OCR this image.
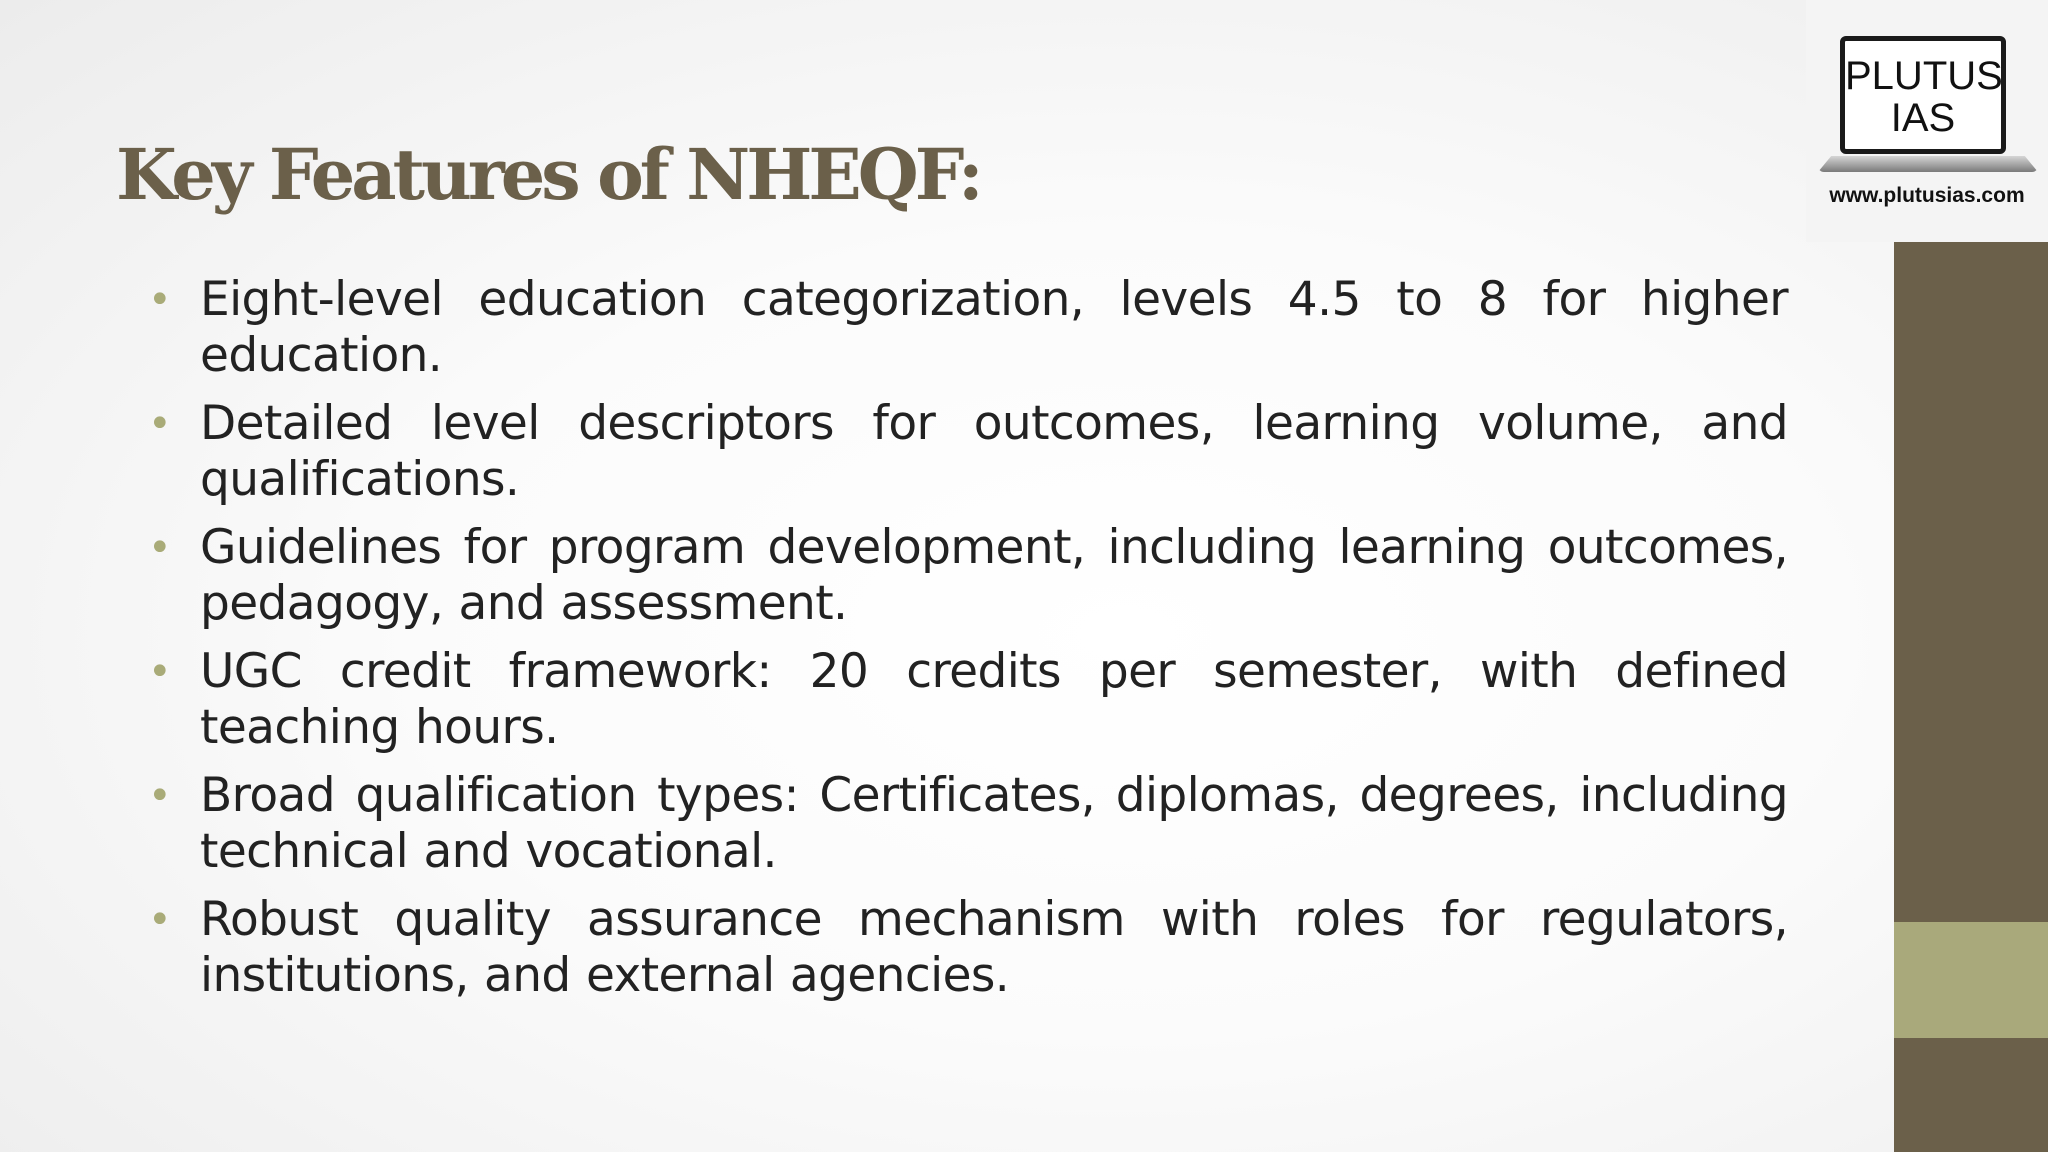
Key Features of NHEQF:
• Eight-level education categorization, levels 4.5 to 8 for higher education.
• Detailed level descriptors for outcomes, learning volume, and qualifications.
• Guidelines for program development, including learning outcomes, pedagogy, and assessment.
• UGC credit framework: 20 credits per semester, with defined teaching hours.
• Broad qualification types: Certificates, diplomas, degrees, including technical and vocational.
• Robust quality assurance mechanism with roles for regulators, institutions, and external agencies.
PLUTUS
IAS
www.plutusias.com
